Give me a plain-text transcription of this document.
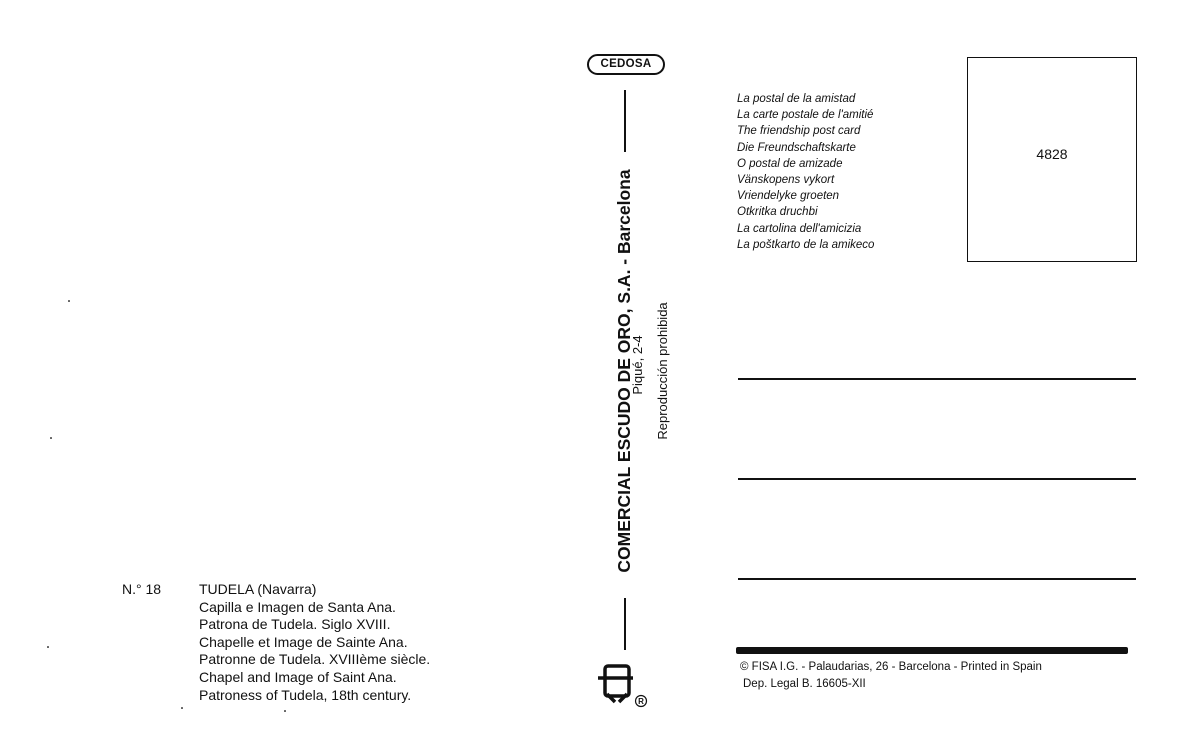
N.° 18	TUDELA (Navarra)
Capilla e Imagen de Santa Ana.
Patrona de Tudela. Siglo XVIII.
Chapelle et Image de Sainte Ana.
Patronne de Tudela. XVIIIème siècle.
Chapel and Image of Saint Ana.
Patroness of Tudela, 18th century.
CEDOSA
COMERCIAL ESCUDO DE ORO, S.A. - Barcelona
Piqué, 2-4 Reproducción prohibida
R
La postal de la amistad
La carte postale de l'amitié
The friendship post card
Die Freundschaftskarte
O postal de amizade
Vänskopens vykort
Vriendelyke groeten
Otkritka druchbi
La cartolina dell'amicizia
La poštkarto de la amikeco
4828
© FISA I.G. - Palaudarias, 26 - Barcelona - Printed in Spain
Dep. Legal B. 16605-XII
